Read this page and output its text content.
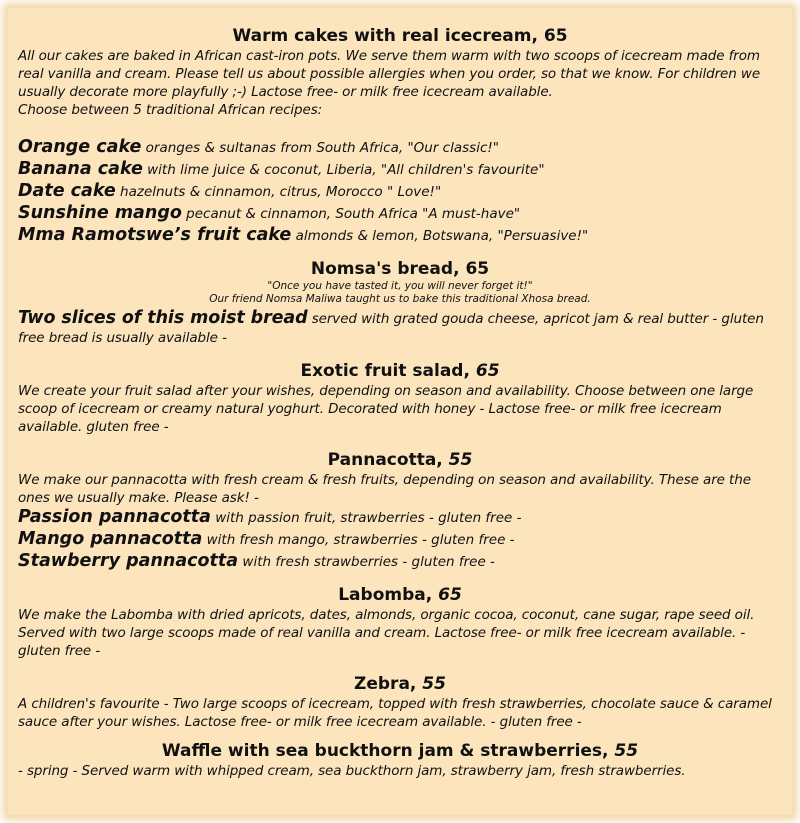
Warm cakes with real icecream, 65

All our cakes are baked in African cast-iron pots. We serve them warm with two scoops of icecream made from real vanilla and cream. Please tell us about possible allergies when you order, so that we know. For children we usually decorate more playfully ;-) Lactose free- or milk free icecream available.

Choose between 5 traditional African recipes:

Orange cake oranges & sultanas from South Africa, "Our classic!"

Banana cake with lime juice & coconut, Liberia, "All children's favourite"

Date cake hazelnuts & cinnamon, citrus, Morocco " Love!"

Sunshine mango pecanut & cinnamon, South Africa "A must-have"

Mma Ramotswe’s fruit cake almonds & lemon, Botswana, "Persuasive!"

Nomsa's bread, 65

"Once you have tasted it, you will never forget it!"

Our friend Nomsa Maliwa taught us to bake this traditional Xhosa bread.

Two slices of this moist bread served with grated gouda cheese, apricot jam & real butter - gluten free bread is usually available -

Exotic fruit salad, 65

We create your fruit salad after your wishes, depending on season and availability. Choose between one large scoop of icecream or creamy natural yoghurt. Decorated with honey - Lactose free- or milk free icecream available. gluten free -

Pannacotta, 55

We make our pannacotta with fresh cream & fresh fruits, depending on season and availability. These are the ones we usually make. Please ask! -

Passion pannacotta with passion fruit, strawberries - gluten free -

Mango pannacotta with fresh mango, strawberries - gluten free -

Stawberry pannacotta with fresh strawberries - gluten free -

Labomba, 65

We make the Labomba with dried apricots, dates, almonds, organic cocoa, coconut, cane sugar, rape seed oil. Served with two large scoops made of real vanilla and cream. Lactose free- or milk free icecream available. - gluten free -

Zebra, 55

A children's favourite - Two large scoops of icecream, topped with fresh strawberries, chocolate sauce & caramel sauce after your wishes. Lactose free- or milk free icecream available. - gluten free -

Waffle with sea buckthorn jam & strawberries, 55

- spring - Served warm with whipped cream, sea buckthorn jam, strawberry jam, fresh strawberries.
